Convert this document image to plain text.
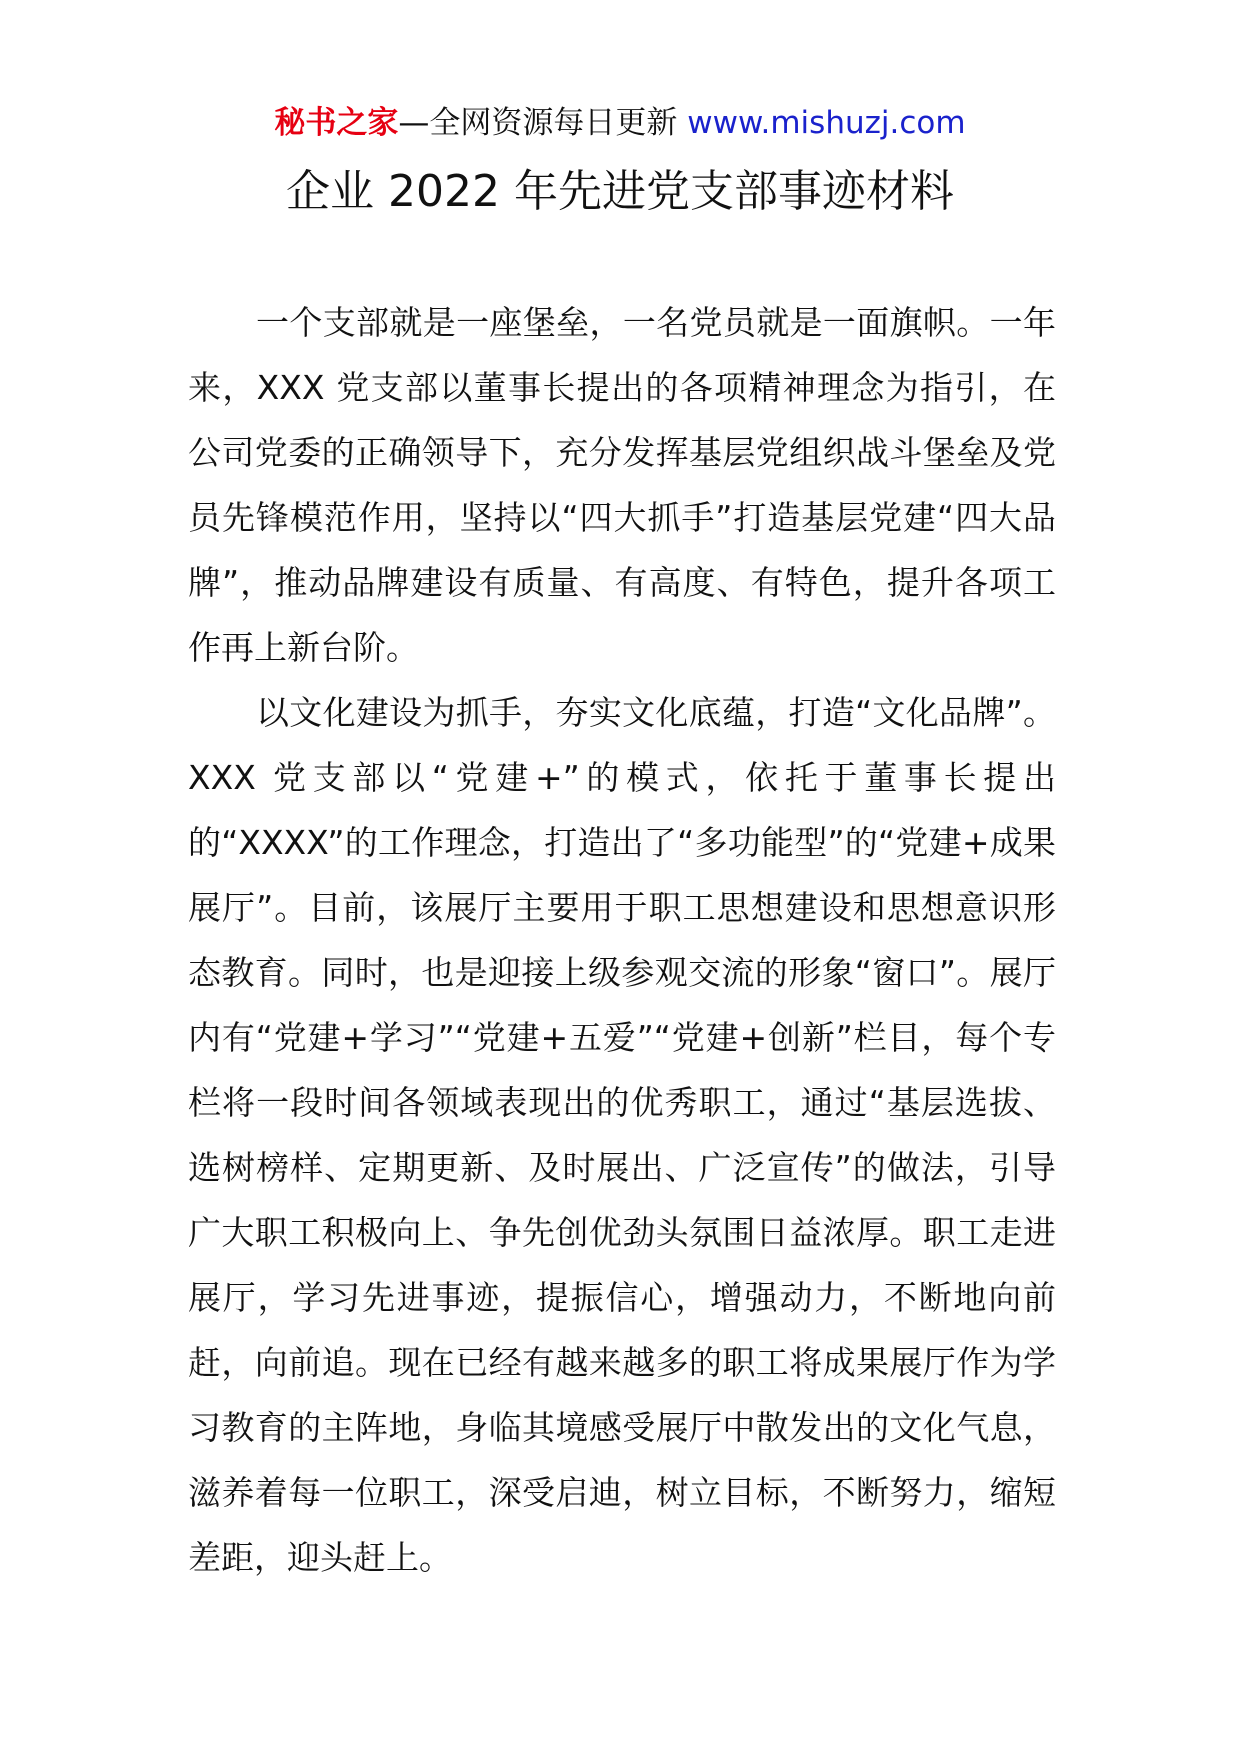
秘书之家—全网资源每日更新 www.mishuzj.com
企业 2022 年先进党支部事迹材料

一个支部就是一座堡垒，一名党员就是一面旗帜。一年来，XXX 党支部以董事长提出的各项精神理念为指引，在公司党委的正确领导下，充分发挥基层党组织战斗堡垒及党员先锋模范作用，坚持以“四大抓手”打造基层党建“四大品牌”，推动品牌建设有质量、有高度、有特色，提升各项工作再上新台阶。

以文化建设为抓手，夯实文化底蕴，打造“文化品牌”。XXX 党支部以“党建+”的模式，依托于董事长提出的“XXXX”的工作理念，打造出了“多功能型”的“党建+成果展厅”。目前，该展厅主要用于职工思想建设和思想意识形态教育。同时，也是迎接上级参观交流的形象“窗口”。展厅内有“党建+学习”“党建+五爱”“党建+创新”栏目，每个专栏将一段时间各领域表现出的优秀职工，通过“基层选拔、选树榜样、定期更新、及时展出、广泛宣传”的做法，引导广大职工积极向上、争先创优劲头氛围日益浓厚。职工走进展厅，学习先进事迹，提振信心，增强动力，不断地向前赶，向前追。现在已经有越来越多的职工将成果展厅作为学习教育的主阵地，身临其境感受展厅中散发出的文化气息，滋养着每一位职工，深受启迪，树立目标，不断努力，缩短差距，迎头赶上。
